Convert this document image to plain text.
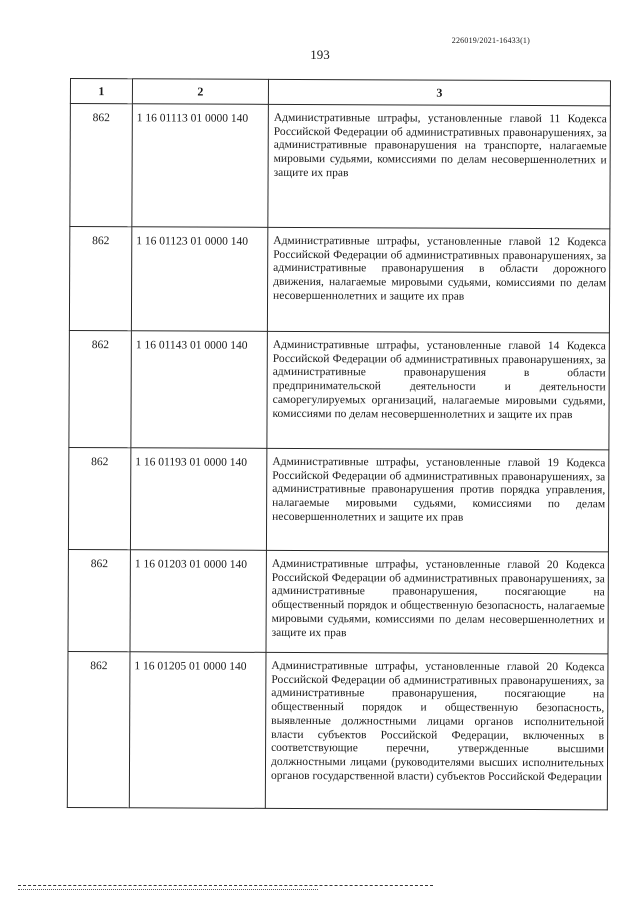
226019/2021-16433(1)
193
1	2	3
862	1 16 01113 01 0000 140	Административные штрафы, установленные главой 11 Кодекса Российской Федерации об административных правонарушениях, за административные правонарушения на транспорте, налагаемые мировыми судьями, комиссиями по делам несовершеннолетних и защите их прав
862	1 16 01123 01 0000 140	Административные штрафы, установленные главой 12 Кодекса Российской Федерации об административных правонарушениях, за административные правонарушения в области дорожного движения, налагаемые мировыми судьями, комиссиями по делам несовершеннолетних и защите их прав
862	1 16 01143 01 0000 140	Административные штрафы, установленные главой 14 Кодекса Российской Федерации об административных правонарушениях, за административные правонарушения в области предпринимательской деятельности и деятельности саморегулируемых организаций, налагаемые мировыми судьями, комиссиями по делам несовершеннолетних и защите их прав
862	1 16 01193 01 0000 140	Административные штрафы, установленные главой 19 Кодекса Российской Федерации об административных правонарушениях, за административные правонарушения против порядка управления, налагаемые мировыми судьями, комиссиями по делам несовершеннолетних и защите их прав
862	1 16 01203 01 0000 140	Административные штрафы, установленные главой 20 Кодекса Российской Федерации об административных правонарушениях, за административные правонарушения, посягающие на общественный порядок и общественную безопасность, налагаемые мировыми судьями, комиссиями по делам несовершеннолетних и защите их прав
862	1 16 01205 01 0000 140	Административные штрафы, установленные главой 20 Кодекса Российской Федерации об административных правонарушениях, за административные правонарушения, посягающие на общественный порядок и общественную безопасность, выявленные должностными лицами органов исполнительной власти субъектов Российской Федерации, включенных в соответствующие перечни, утвержденные высшими должностными лицами (руководителями высших исполнительных органов государственной власти) субъектов Российской Федерации
